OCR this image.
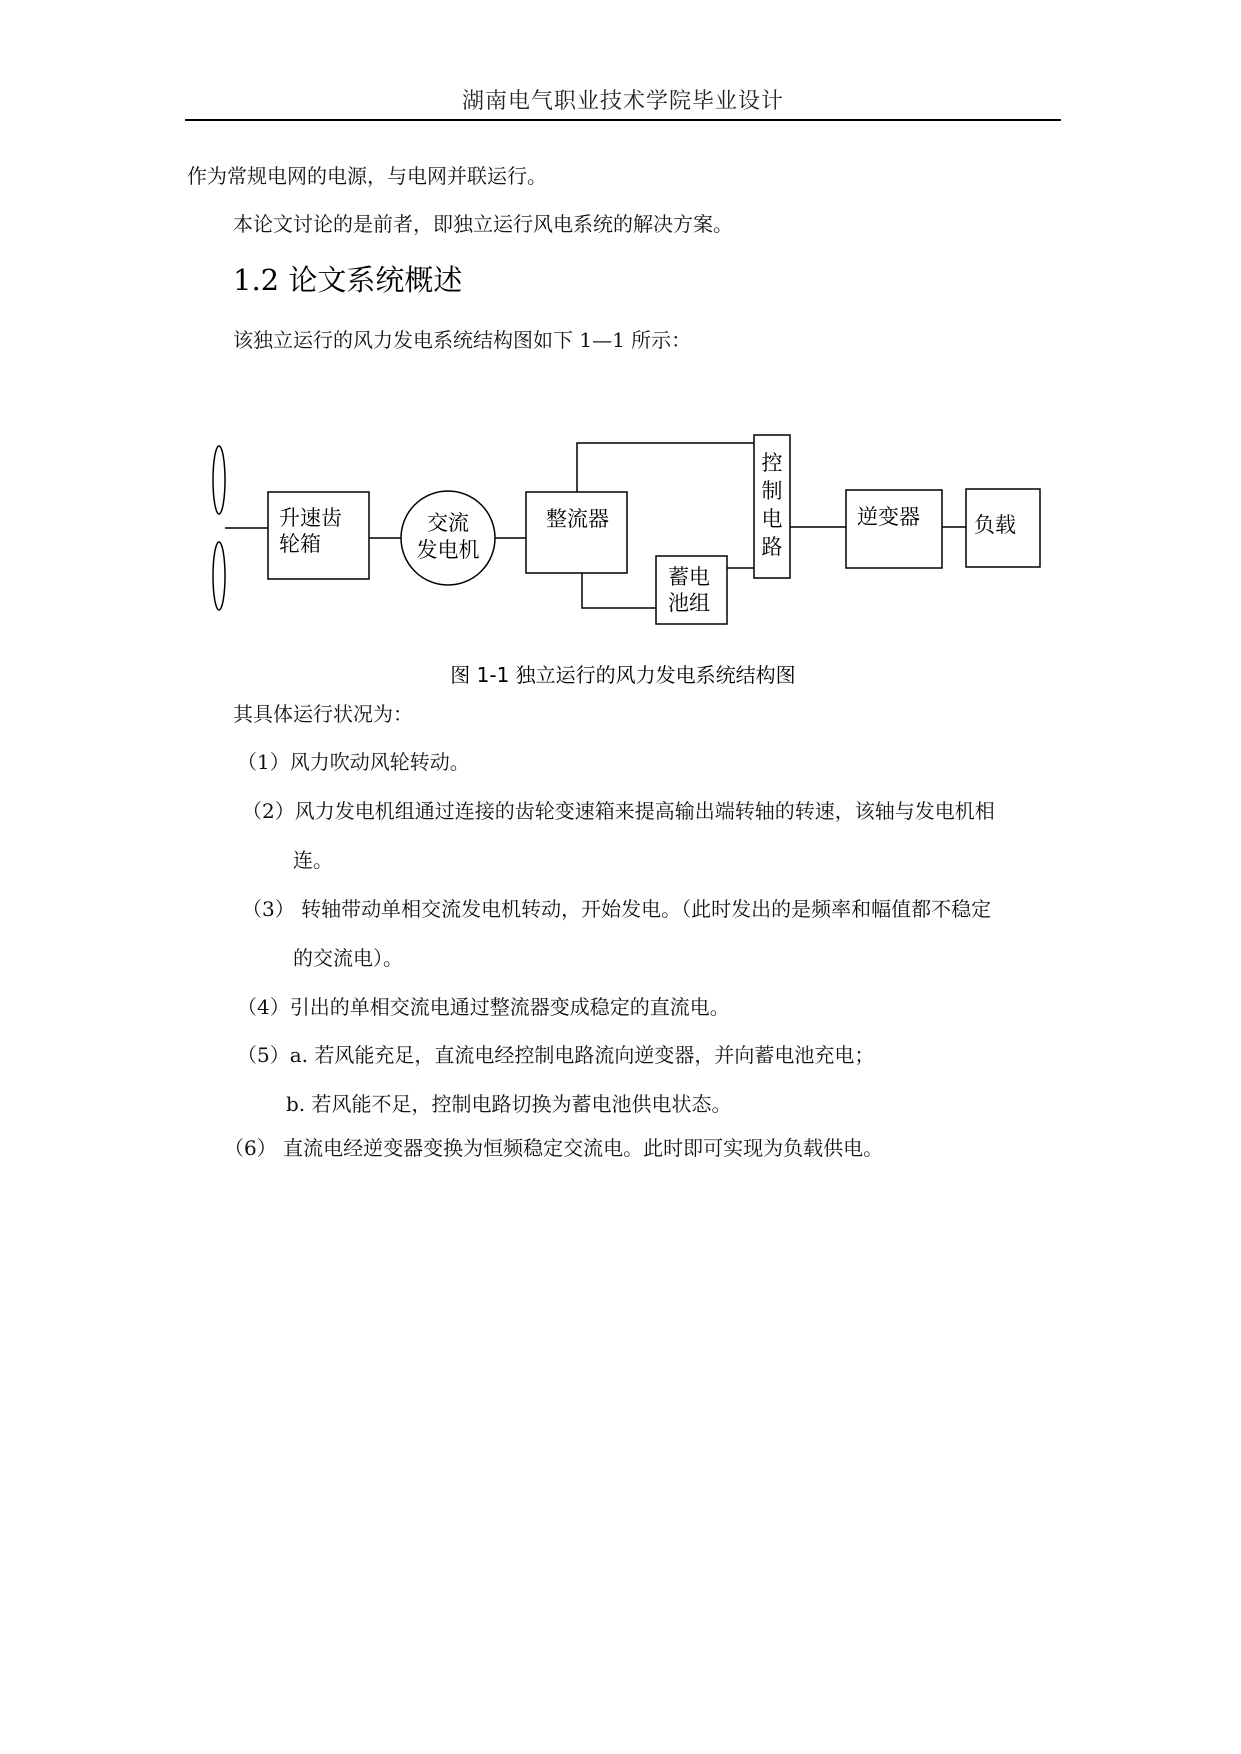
湖南电气职业技术学院毕业设计
作为常规电网的电源，与电网并联运行。
本论文讨论的是前者，即独立运行风电系统的解决方案。
1.2 论文系统概述
该独立运行的风力发电系统结构图如下 1—1 所示：
升速齿
轮箱
交流
发电机
整流器
蓄电
池组
控
制
电
路
逆变器	负载
图 1-1 独立运行的风力发电系统结构图
其具体运行状况为：
（1）风力吹动风轮转动。
（2）风力发电机组通过连接的齿轮变速箱来提高输出端转轴的转速，该轴与发电机相
连。
（3） 转轴带动单相交流发电机转动，开始发电。（此时发出的是频率和幅值都不稳定
的交流电）。
（4）引出的单相交流电通过整流器变成稳定的直流电。
（5）a. 若风能充足，直流电经控制电路流向逆变器，并向蓄电池充电；
b. 若风能不足，控制电路切换为蓄电池供电状态。
（6） 直流电经逆变器变换为恒频稳定交流电。此时即可实现为负载供电。
